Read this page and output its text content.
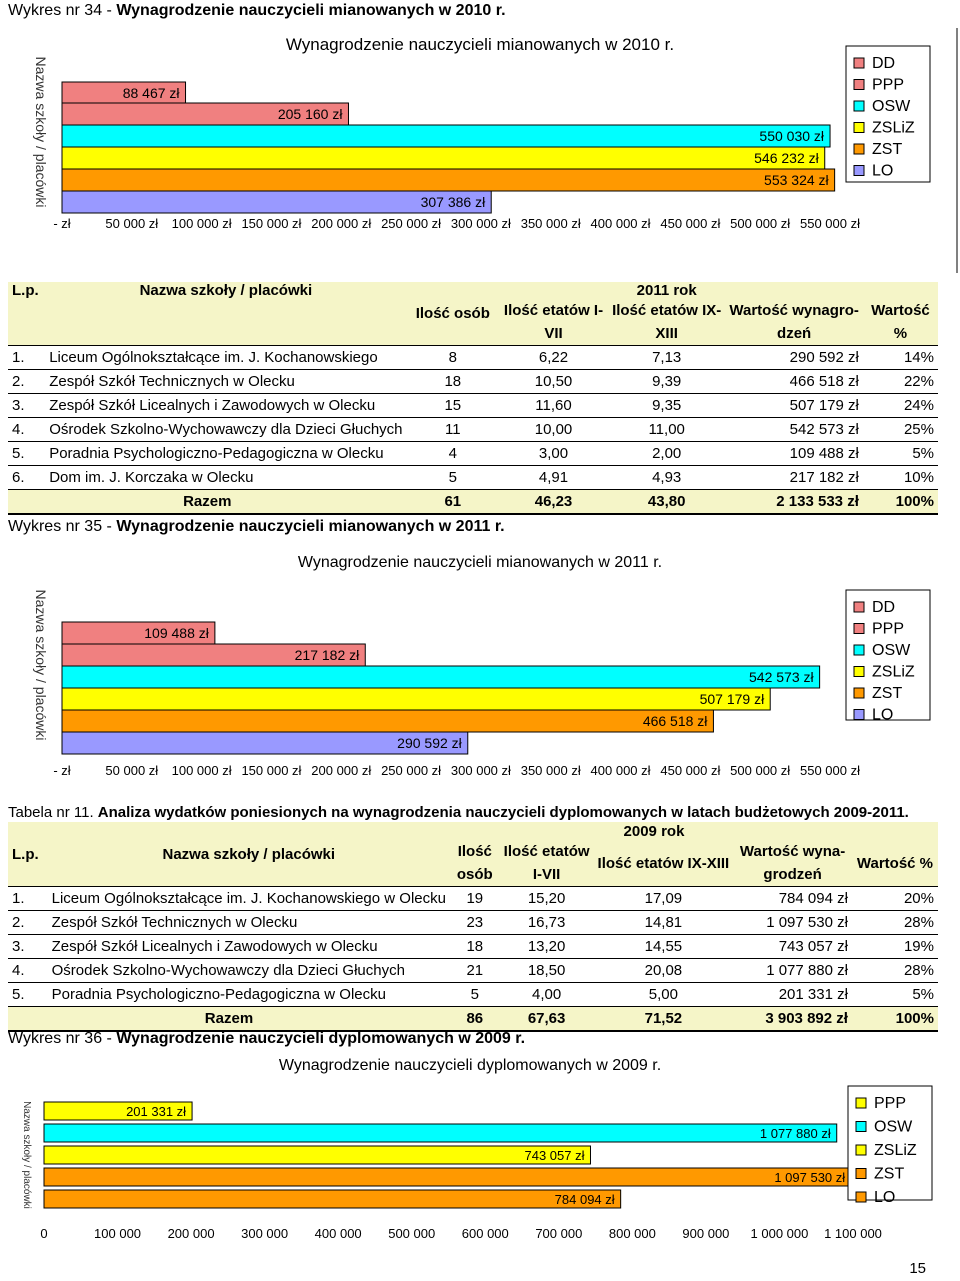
Wykres nr 34 - Wynagrodzenie nauczycieli mianowanych w 2010 r.
Wynagrodzenie nauczycieli mianowanych w 2010 r.
Nazwa szkoły / placówki	88 467 zł
205 160 zł
550 030 zł
546 232 zł
553 324 zł
307 386 zł
- zł	50 000 zł 100 000 zł 150 000 zł 200 000 zł 250 000 zł 300 000 zł 350 000 zł 400 000 zł 450 000 zł 500 000 zł 550 000 zł
DD
PPP
OSW
ZSLiZ
ZST
LO
L.p.	Nazwa szkoły / placówki	Ilość osób		2011 rok		
			Ilość etatów I-	Ilość etatów IX-	Wartość wynagro-	Wartość
			VII	XIII	dzeń	%
1.	Liceum Ogólnokształcące im. J. Kochanowskiego	8	6,22	7,13	290 592 zł	14%
2.	Zespół Szkół Technicznych w Olecku	18	10,50	9,39	466 518 zł	22%
3.	Zespół Szkół Licealnych i Zawodowych w Olecku	15	11,60	9,35	507 179 zł	24%
4.	Ośrodek Szkolno-Wychowawczy dla Dzieci Głuchych	11	10,00	11,00	542 573 zł	25%
5.	Poradnia Psychologiczno-Pedagogiczna w Olecku	4	3,00	2,00	109 488 zł	5%
6.	Dom im. J. Korczaka w Olecku	5	4,91	4,93	217 182 zł	10%
Razem		61	46,23	43,80	2 133 533 zł	100%
Wykres nr 35 - Wynagrodzenie nauczycieli mianowanych w 2011 r.
Wynagrodzenie nauczycieli mianowanych w 2011 r.
Nazwa szkoły / placówki	109 488 zł
217 182 zł
542 573 zł
507 179 zł
466 518 zł
290 592 zł
- zł	50 000 zł 100 000 zł 150 000 zł 200 000 zł 250 000 zł 300 000 zł 350 000 zł 400 000 zł 450 000 zł 500 000 zł 550 000 zł
DD
PPP
OSW
ZSLiZ
ZST
LO
Tabela nr 11. Analiza wydatków poniesionych na wynagrodzenia nauczycieli dyplomowanych w latach budżetowych 2009-2011.
L.p.	Nazwa szkoły / placówki			2009 rok		
		Ilość	Ilość etatów	Ilość etatów IX-XIII	Wartość wyna-	Wartość %
		osób	I-VII		grodzeń	
1.	Liceum Ogólnokształcące im. J. Kochanowskiego w Olecku	19	15,20	17,09	784 094 zł	20%
2.	Zespół Szkół Technicznych w Olecku	23	16,73	14,81	1 097 530 zł	28%
3.	Zespół Szkół Licealnych i Zawodowych w Olecku	18	13,20	14,55	743 057 zł	19%
4.	Ośrodek Szkolno-Wychowawczy dla Dzieci Głuchych	21	18,50	20,08	1 077 880 zł	28%
5.	Poradnia Psychologiczno-Pedagogiczna w Olecku	5	4,00	5,00	201 331 zł	5%
Razem		86	67,63	71,52	3 903 892 zł	100%
Wykres nr 36 - Wynagrodzenie nauczycieli dyplomowanych w 2009 r.
Wynagrodzenie nauczycieli dyplomowanych w 2009 r.
Nazwa szkoły / placówki	201 331 zł
1 077 880 zł
743 057 zł
1 097 530 zł
784 094 zł
0	100 000 200 000 300 000 400 000 500 000 600 000 700 000 800 000 900 000 1 000 000 1 100 000
PPP
OSW
ZSLiZ
ZST
LO
15
